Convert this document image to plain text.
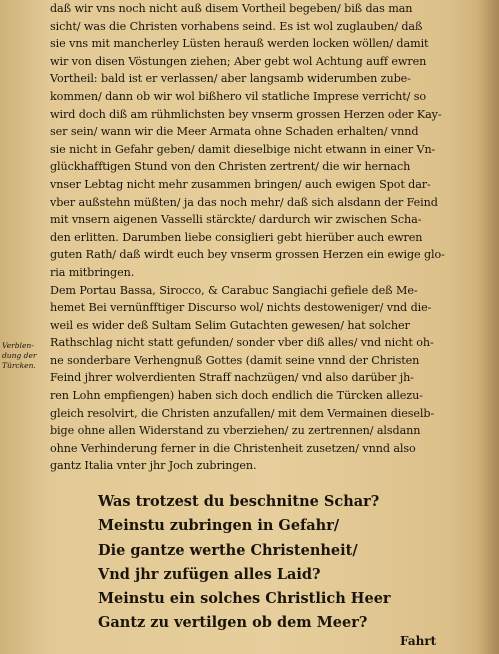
daß wir vns noch nicht auß disem Vortheil begeben/ biß das man
sicht/ was die Christen vorhabens seind. Es ist wol zuglauben/ daß
sie vns mit mancherley Lüsten herauß werden locken wöllen/ damit
wir von disen Vöstungen ziehen; Aber gebt wol Achtung auff ewren
Vortheil: bald ist er verlassen/ aber langsamb widerumben zube-
kommen/ dann ob wir wol bißhero vil statliche Imprese verricht/ so
wird doch diß am rühmlichsten bey vnserm grossen Herzen oder Kay-
ser sein/ wann wir die Meer Armata ohne Schaden erhalten/ vnnd
sie nicht in Gefahr geben/ damit dieselbige nicht etwann in einer Vn-
glückhafftigen Stund von den Christen zertrent/ die wir hernach
vnser Lebtag nicht mehr zusammen bringen/ auch ewigen Spot dar-
vber außstehn müßten/ ja das noch mehr/ daß sich alsdann der Feind
mit vnsern aigenen Vasselli stärckte/ dardurch wir zwischen Scha-
den erlitten. Darumben liebe consiglieri gebt hierüber auch ewren
guten Rath/ daß wirdt euch bey vnserm grossen Herzen ein ewige glo-
ria mitbringen.
Dem Portau Bassa, Sirocco, & Carabuc Sangiachi gefiele deß Me-
hemet Bei vernünfftiger Discurso wol/ nichts destoweniger/ vnd die-
weil es wider deß Sultam Selim Gutachten gewesen/ hat solcher
Rathschlag nicht statt gefunden/ sonder vber diß alles/ vnd nicht oh-
ne sonderbare Verhengnuß Gottes (damit seine vnnd der Christen
Feind jhrer wolverdienten Straff nachzügen/ vnd also darüber jh-
ren Lohn empfiengen) haben sich doch endlich die Türcken allezu-
gleich resolvirt, die Christen anzufallen/ mit dem Vermainen dieselb-
bige ohne allen Widerstand zu vberziehen/ zu zertrennen/ alsdann
ohne Verhinderung ferner in die Christenheit zusetzen/ vnnd also
gantz Italia vnter jhr Joch zubringen.
Verblen-
dung der
Türcken.
Was trotzest du beschnitne Schar?
Meinstu zubringen in Gefahr/
Die gantze werthe Christenheit/
Vnd jhr zufügen alles Laid?
Meinstu ein solches Christlich Heer
Gantz zu vertilgen ob dem Meer?
Fahrt
